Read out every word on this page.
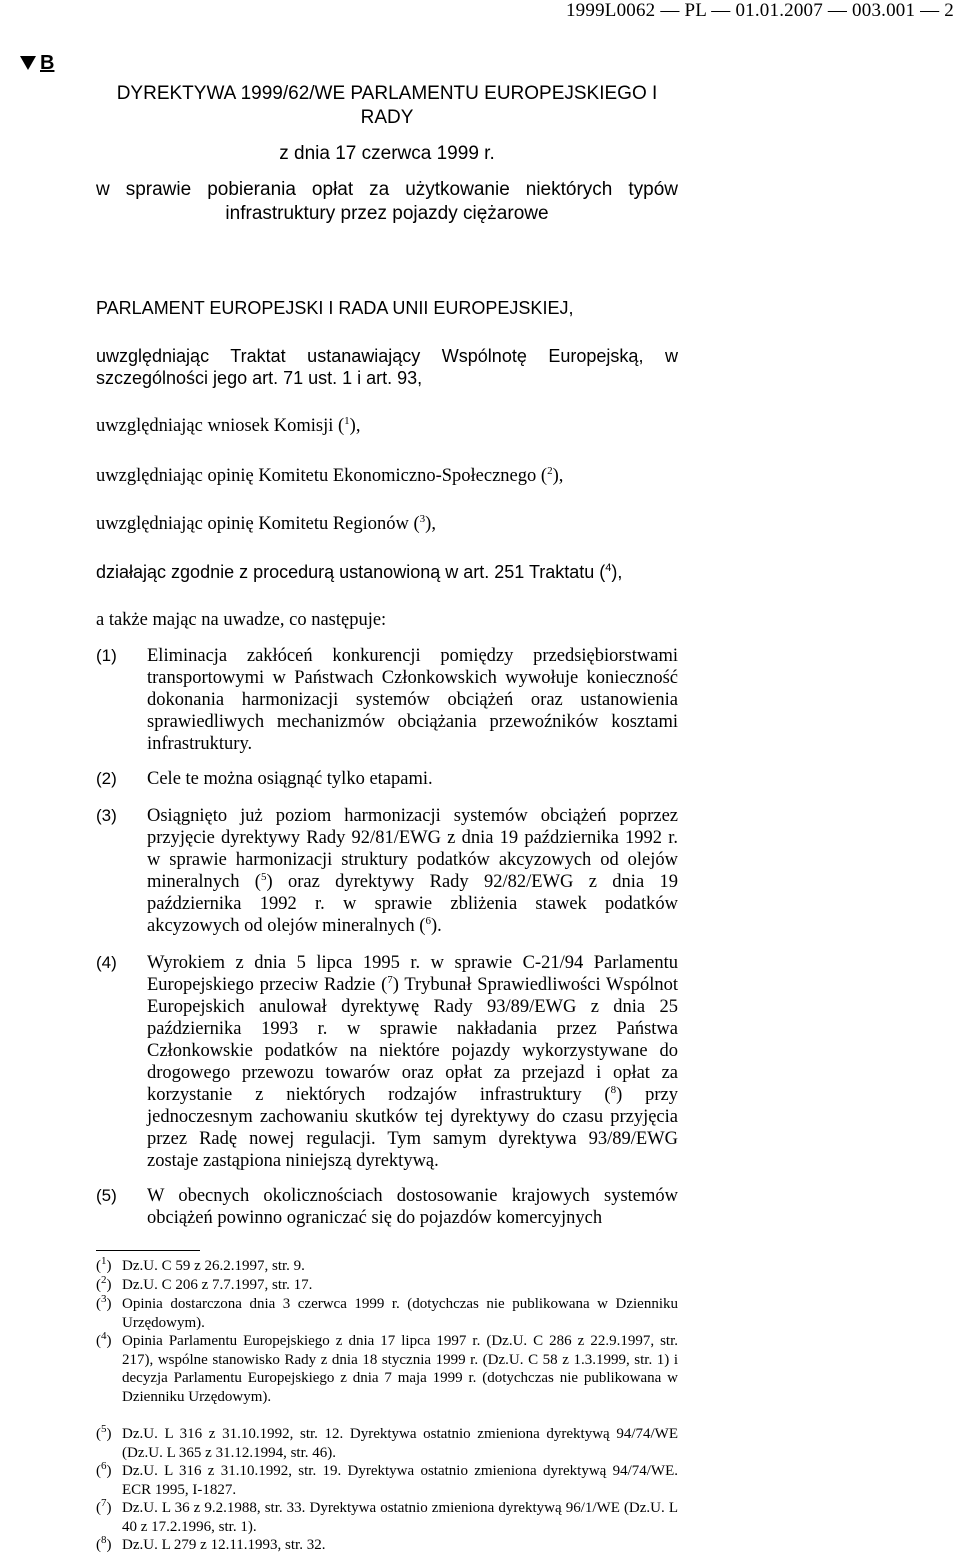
1999L0062 — PL — 01.01.2007 — 003.001 — 2
B
DYREKTYWA 1999/62/WE PARLAMENTU EUROPEJSKIEGO I RADY
z dnia 17 czerwca 1999 r.
w sprawie pobierania opłat za użytkowanie niektórych typów infrastruktury przez pojazdy ciężarowe
PARLAMENT EUROPEJSKI I RADA UNII EUROPEJSKIEJ,
uwzględniając Traktat ustanawiający Wspólnotę Europejską, w szczególności jego art. 71 ust. 1 i art. 93,
uwzględniając wniosek Komisji ($^1$),
uwzględniając opinię Komitetu Ekonomiczno-Społecznego ($^2$),
uwzględniając opinię Komitetu Regionów ($^3$),
działając zgodnie z procedurą ustanowioną w art. 251 Traktatu ($^4$),
a także mając na uwadze, co następuje:
(1) Eliminacja zakłóceń konkurencji pomiędzy przedsiębiorstwami transportowymi w Państwach Członkowskich wywołuje konieczność dokonania harmonizacji systemów obciążeń oraz ustanowienia sprawiedliwych mechanizmów obciążania przewoźników kosztami infrastruktury.
(2) Cele te można osiągnąć tylko etapami.
(3) Osiągnięto już poziom harmonizacji systemów obciążeń poprzez przyjęcie dyrektywy Rady 92/81/EWG z dnia 19 października 1992 r. w sprawie harmonizacji struktury podatków akcyzowych od olejów mineralnych ($^5$) oraz dyrektywy Rady 92/82/EWG z dnia 19 października 1992 r. w sprawie zbliżenia stawek podatków akcyzowych od olejów mineralnych ($^6$).
(4) Wyrokiem z dnia 5 lipca 1995 r. w sprawie C-21/94 Parlamentu Europejskiego przeciw Radzie ($^7$) Trybunał Sprawiedliwości Wspólnot Europejskich anulował dyrektywę Rady 93/89/EWG z dnia 25 października 1993 r. w sprawie nakładania przez Państwa Członkowskie podatków na niektóre pojazdy wykorzystywane do drogowego przewozu towarów oraz opłat za przejazd i opłat za korzystanie z niektórych rodzajów infrastruktury ($^8$) przy jednoczesnym zachowaniu skutków tej dyrektywy do czasu przyjęcia przez Radę nowej regulacji. Tym samym dyrektywa 93/89/EWG zostaje zastąpiona niniejszą dyrektywą.
(5) W obecnych okolicznościach dostosowanie krajowych systemów obciążeń powinno ograniczać się do pojazdów komercyjnych
($^1$) Dz.U. C 59 z 26.2.1997, str. 9.
($^2$) Dz.U. C 206 z 7.7.1997, str. 17.
($^3$) Opinia dostarczona dnia 3 czerwca 1999 r. (dotychczas nie publikowana w Dzienniku Urzędowym).
($^4$) Opinia Parlamentu Europejskiego z dnia 17 lipca 1997 r. (Dz.U. C 286 z 22.9.1997, str. 217), wspólne stanowisko Rady z dnia 18 stycznia 1999 r. (Dz.U. C 58 z 1.3.1999, str. 1) i decyzja Parlamentu Europejskiego z dnia 7 maja 1999 r. (dotychczas nie publikowana w Dzienniku Urzędowym).
($^5$) Dz.U. L 316 z 31.10.1992, str. 12. Dyrektywa ostatnio zmieniona dyrektywą 94/74/WE (Dz.U. L 365 z 31.12.1994, str. 46).
($^6$) Dz.U. L 316 z 31.10.1992, str. 19. Dyrektywa ostatnio zmieniona dyrektywą 94/74/WE. ECR 1995, I-1827.
($^7$) Dz.U. L 36 z 9.2.1988, str. 33. Dyrektywa ostatnio zmieniona dyrektywą 96/1/WE (Dz.U. L 40 z 17.2.1996, str. 1).
($^8$) Dz.U. L 279 z 12.11.1993, str. 32.
